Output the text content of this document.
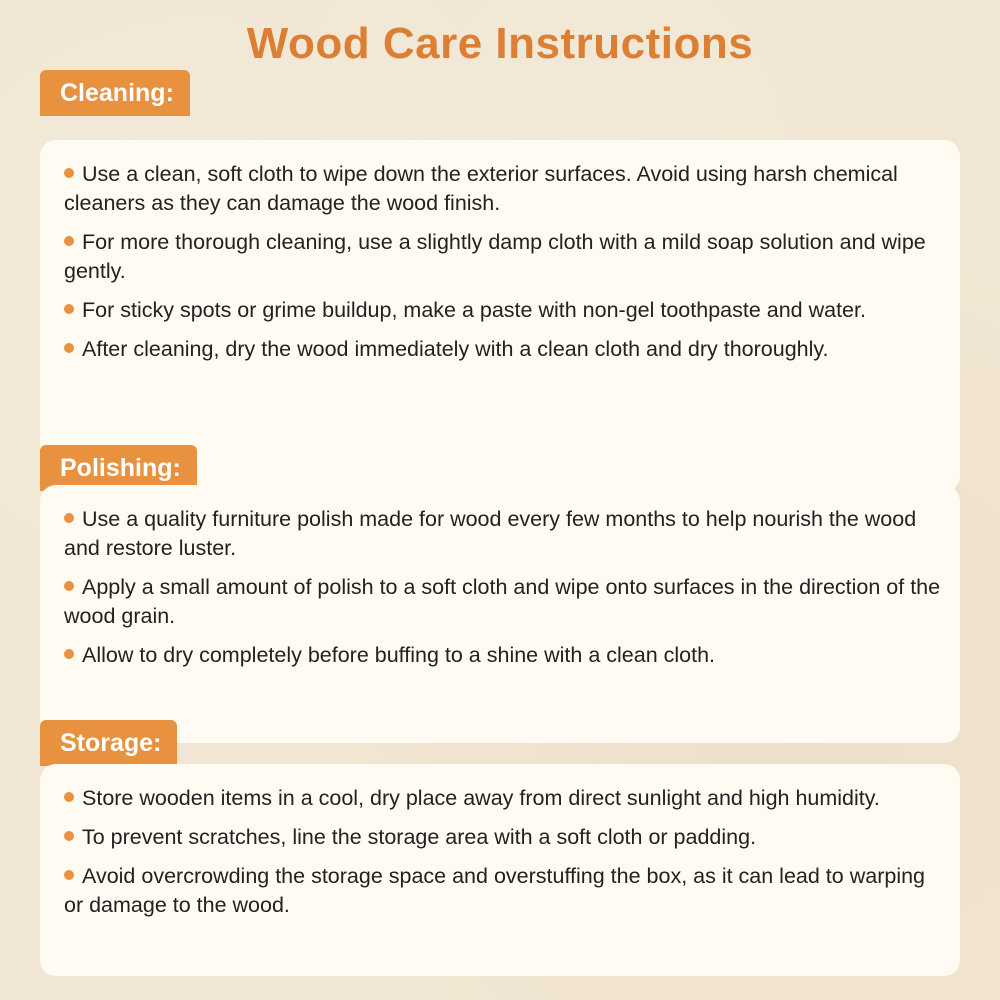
Wood Care Instructions
Cleaning:
Use a clean, soft cloth to wipe down the exterior surfaces. Avoid using harsh chemical cleaners as they can damage the wood finish.
For more thorough cleaning, use a slightly damp cloth with a mild soap solution and wipe gently.
For sticky spots or grime buildup, make a paste with non-gel toothpaste and water.
After cleaning, dry the wood immediately with a clean cloth and dry thoroughly.
Polishing:
Use a quality furniture polish made for wood every few months to help nourish the wood and restore luster.
Apply a small amount of polish to a soft cloth and wipe onto surfaces in the direction of the wood grain.
Allow to dry completely before buffing to a shine with a clean cloth.
Storage:
Store wooden items in a cool, dry place away from direct sunlight and high humidity.
To prevent scratches, line the storage area with a soft cloth or padding.
Avoid overcrowding the storage space and overstuffing the box, as it can lead to warping or damage to the wood.
